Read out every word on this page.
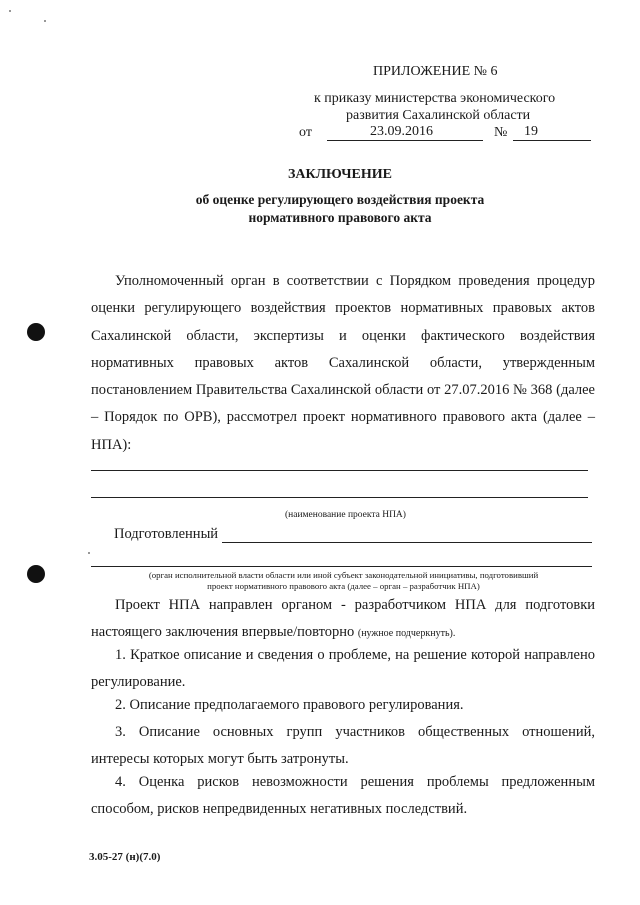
ПРИЛОЖЕНИЕ № 6
к приказу министерства экономического
развития Сахалинской области
от	23.09.2016	№ 19
ЗАКЛЮЧЕНИЕ
об оценке регулирующего воздействия проекта
нормативного правового акта
Уполномоченный орган в соответствии с Порядком проведения процедур оценки регулирующего воздействия проектов нормативных правовых актов Сахалинской области, экспертизы и оценки фактического воздействия нормативных правовых актов Сахалинской области, утвержденным постановлением Правительства Сахалинской области от 27.07.2016 № 368 (далее – Порядок по ОРВ), рассмотрел проект нормативного правового акта (далее – НПА):
(наименование проекта НПА)
Подготовленный
(орган исполнительной власти области или иной субъект законодательной инициативы, подготовивший
проект нормативного правового акта (далее – орган – разработчик НПА)
Проект НПА направлен органом - разработчиком НПА для подготовки настоящего заключения впервые/повторно (нужное подчеркнуть).
1. Краткое описание и сведения о проблеме, на решение которой направлено регулирование.
2. Описание предполагаемого правового регулирования.
3. Описание основных групп участников общественных отношений, интересы которых могут быть затронуты.
4. Оценка рисков невозможности решения проблемы предложенным способом, рисков непредвиденных негативных последствий.
3.05-27 (н)(7.0)
